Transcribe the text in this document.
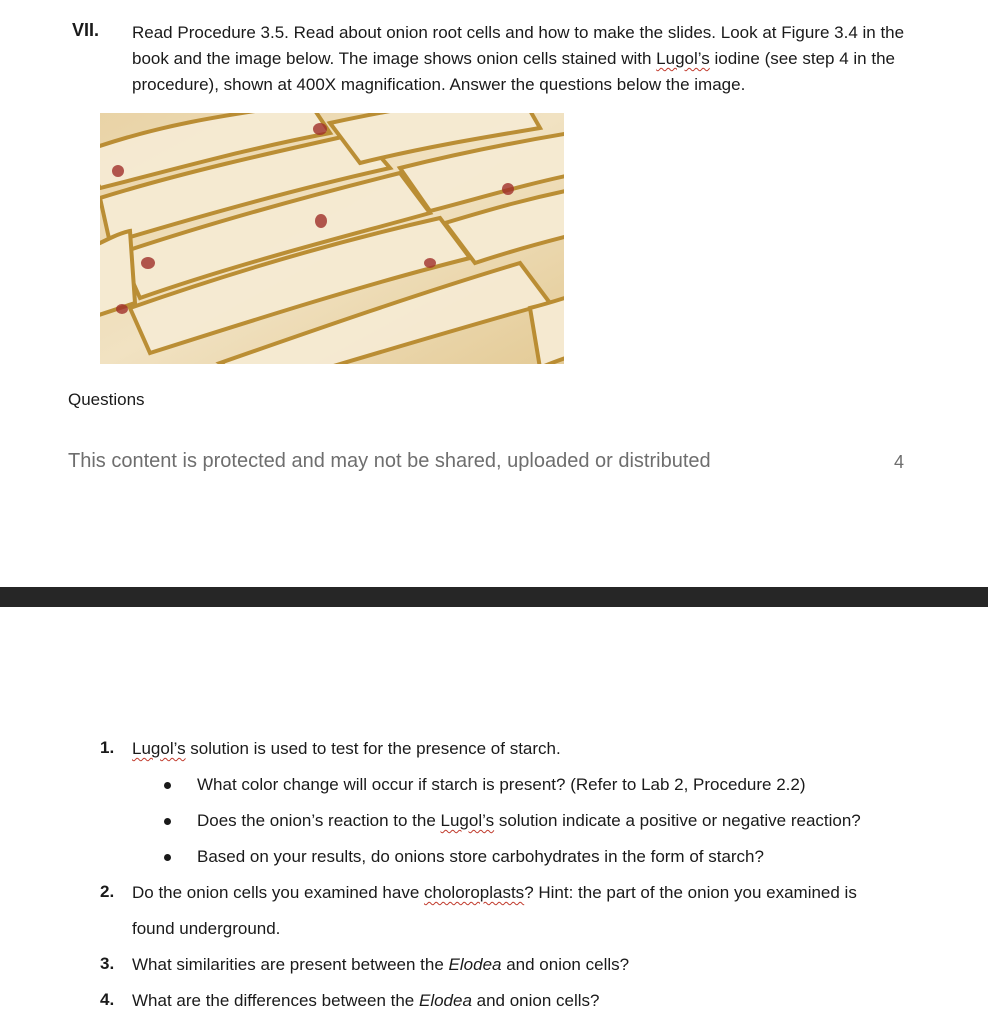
VII. Read Procedure 3.5. Read about onion root cells and how to make the slides. Look at Figure 3.4 in the book and the image below. The image shows onion cells stained with Lugol’s iodine (see step 4 in the procedure), shown at 400X magnification. Answer the questions below the image.

Questions
This content is protected and may not be shared, uploaded or distributed	4
1. Lugol’s solution is used to test for the presence of starch.
What color change will occur if starch is present? (Refer to Lab 2, Procedure 2.2)
Does the onion’s reaction to the Lugol’s solution indicate a positive or negative reaction?
Based on your results, do onions store carbohydrates in the form of starch?
2. Do the onion cells you examined have choloroplasts? Hint: the part of the onion you examined is
found underground.
3. What similarities are present between the Elodea and onion cells?
4. What are the differences between the Elodea and onion cells?
